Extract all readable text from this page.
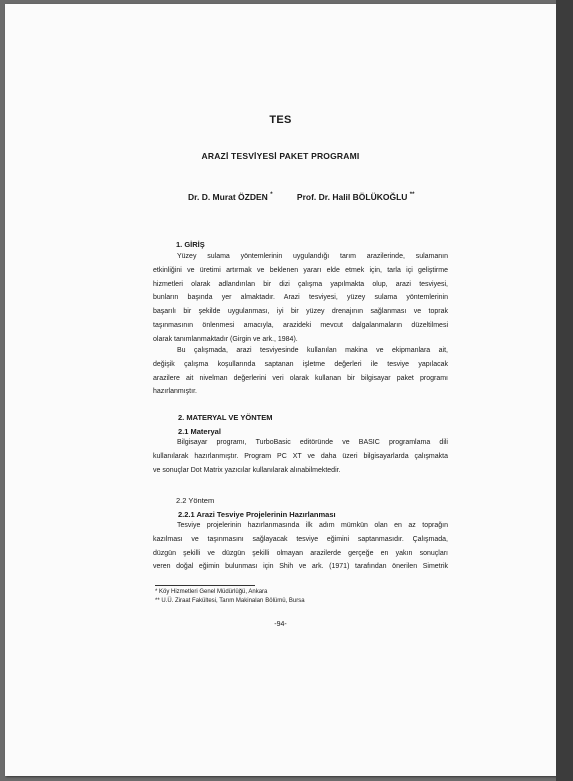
TES
ARAZİ TESVİYESİ PAKET PROGRAMI
Dr. D. Murat ÖZDEN *	Prof. Dr. Halil BÖLÜKOĞLU **
1. GİRİŞ
Yüzey sulama yöntemlerinin uygulandığı tarım arazilerinde, sulamanın
etkinliğini ve üretimi artırmak ve beklenen yararı elde etmek için, tarla içi geliştirme
hizmetleri olarak adlandırılan bir dizi çalışma yapılmakta olup, arazi tesviyesi,
bunların başında yer almaktadır. Arazi tesviyesi, yüzey sulama yöntemlerinin
başarılı bir şekilde uygulanması, iyi bir yüzey drenajının sağlanması ve toprak
taşınmasının önlenmesi amacıyla, arazideki mevcut dalgalanmaların düzeltilmesi
olarak tanımlanmaktadır (Girgin ve ark., 1984).
Bu çalışmada, arazi tesviyesinde kullanılan makina ve ekipmanlara ait,
değişik çalışma koşullarında saptanan işletme değerleri ile tesviye yapılacak
arazilere ait nivelman değerlerini veri olarak kullanan bir bilgisayar paket programı
hazırlanmıştır.
2. MATERYAL VE YÖNTEM
2.1 Materyal
Bilgisayar programı, TurboBasic editöründe ve BASIC programlama dili
kullanılarak hazırlanmıştır. Program PC XT ve daha üzeri bilgisayarlarda çalışmakta
ve sonuçlar Dot Matrix yazıcılar kullanılarak alınabilmektedir.
2.2 Yöntem
2.2.1 Arazi Tesviye Projelerinin Hazırlanması
Tesviye projelerinin hazırlanmasında ilk adım mümkün olan en az toprağın
kazılması ve taşınmasını sağlayacak tesviye eğimini saptanmasıdır. Çalışmada,
düzgün şekilli ve düzgün şekilli olmayan arazilerde gerçeğe en yakın sonuçları
veren doğal eğimin bulunması için Shih ve ark. (1971) tarafından önerilen Simetrik
* Köy Hizmetleri Genel Müdürlüğü, Ankara
** U.Ü. Ziraat Fakültesi, Tarım Makinaları Bölümü, Bursa
-94-
